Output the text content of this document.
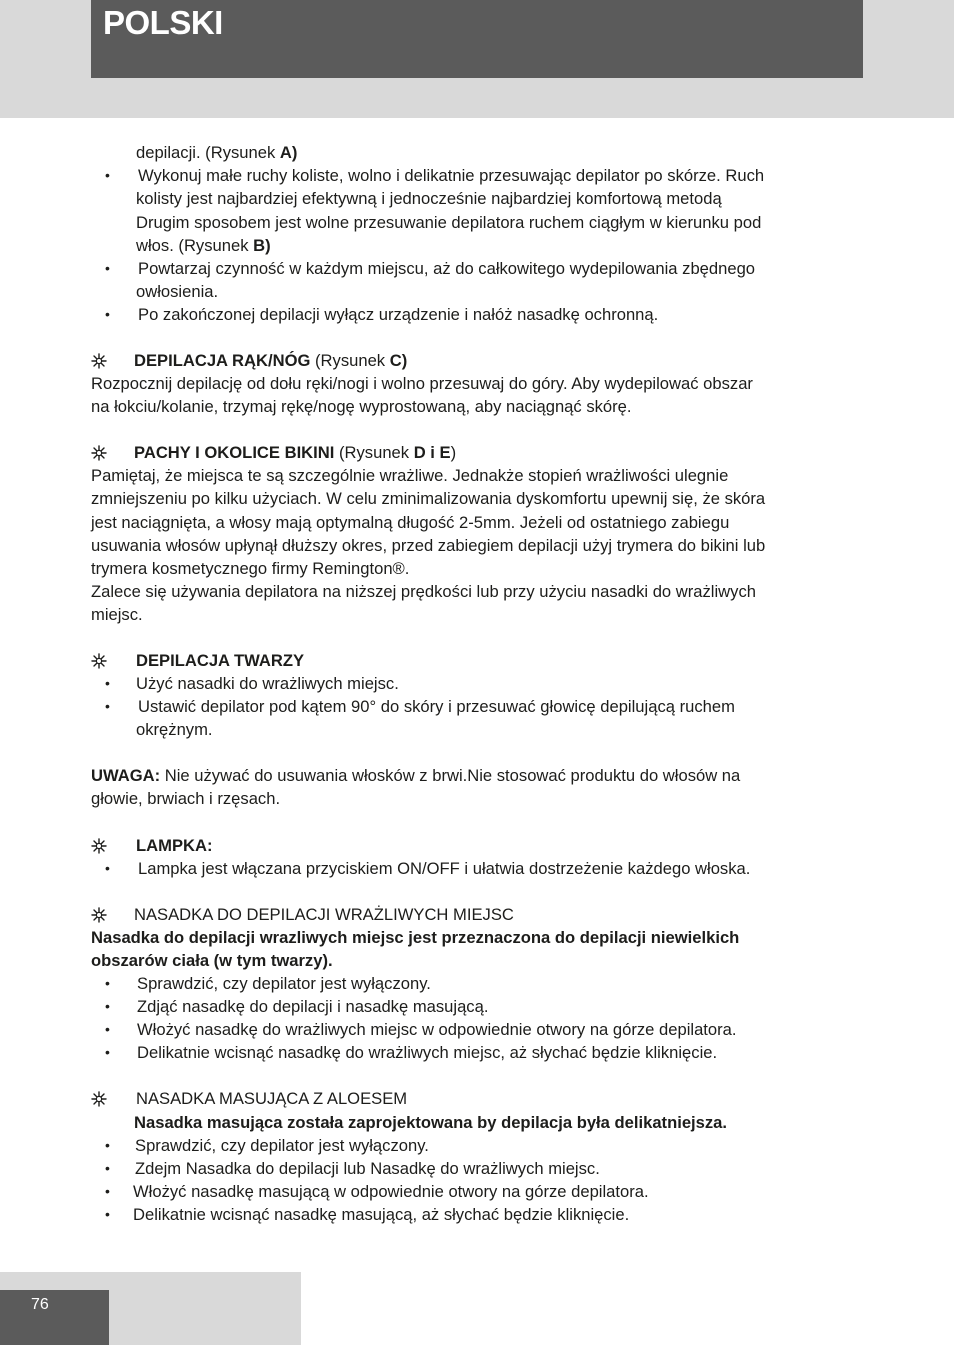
POLSKI
depilacji. (Rysunek A)
• Wykonuj małe ruchy koliste, wolno i delikatnie przesuwając depilator po skórze. Ruch
kolisty jest najbardziej efektywną i jednocześnie najbardziej komfortową metodą
Drugim sposobem jest wolne przesuwanie depilatora ruchem ciągłym w kierunku pod
włos. (Rysunek B)
• Powtarzaj czynność w każdym miejscu, aż do całkowitego wydepilowania zbędnego
owłosienia.
• Po zakończonej depilacji wyłącz urządzenie i nałóż nasadkę ochronną.
DEPILACJA RĄK/NÓG (Rysunek C)
Rozpocznij depilację od dołu ręki/nogi i wolno przesuwaj do góry. Aby wydepilować obszar
na łokciu/kolanie, trzymaj rękę/nogę wyprostowaną, aby naciągnąć skórę.
PACHY I OKOLICE BIKINI (Rysunek D i E)
Pamiętaj, że miejsca te są szczególnie wrażliwe. Jednakże stopień wrażliwości ulegnie
zmniejszeniu po kilku użyciach. W celu zminimalizowania dyskomfortu upewnij się, że skóra
jest naciągnięta, a włosy mają optymalną długość 2-5mm. Jeżeli od ostatniego zabiegu
usuwania włosów upłynął dłuższy okres, przed zabiegiem depilacji użyj trymera do bikini lub
trymera kosmetycznego firmy Remington®.
Zalece się używania depilatora na niższej prędkości lub przy użyciu nasadki do wrażliwych
miejsc.
DEPILACJA TWARZY
• Użyć nasadki do wrażliwych miejsc.
• Ustawić depilator pod kątem 90° do skóry i przesuwać głowicę depilującą ruchem
okrężnym.
UWAGA: Nie używać do usuwania włosków z brwi.Nie stosować produktu do włosów na
głowie, brwiach i rzęsach.
LAMPKA:
• Lampka jest włączana przyciskiem ON/OFF i ułatwia dostrzeżenie każdego włoska.
NASADKA DO DEPILACJI WRAŻLIWYCH MIEJSC
Nasadka do depilacji wrazliwych miejsc jest przeznaczona do depilacji niewielkich
obszarów ciała (w tym twarzy).
• Sprawdzić, czy depilator jest wyłączony.
• Zdjąć nasadkę do depilacji i nasadkę masującą.
• Włożyć nasadkę do wrażliwych miejsc w odpowiednie otwory na górze depilatora.
• Delikatnie wcisnąć nasadkę do wrażliwych miejsc, aż słychać będzie kliknięcie.
NASADKA MASUJĄCA Z ALOESEM
Nasadka masująca została zaprojektowana by depilacja była delikatniejsza.
• Sprawdzić, czy depilator jest wyłączony.
• Zdejm Nasadka do depilacji lub Nasadkę do wrażliwych miejsc.
• Włożyć nasadkę masującą w odpowiednie otwory na górze depilatora.
• Delikatnie wcisnąć nasadkę masującą, aż słychać będzie kliknięcie.
76
